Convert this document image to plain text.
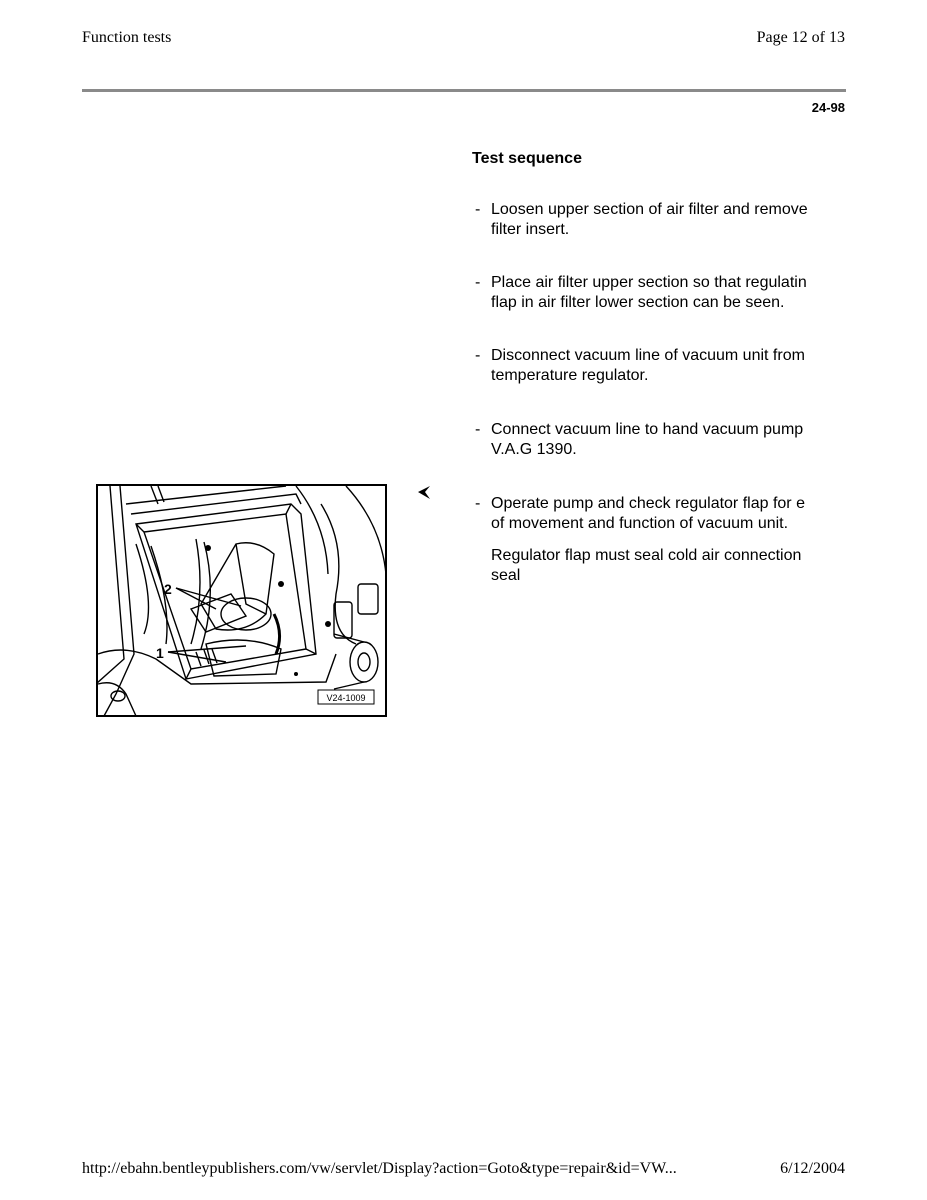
Function tests	Page 12 of 13
24-98
2
1
V24-1009
Test sequence
- Loosen upper section of air filter and remove
filter insert.
- Place air filter upper section so that regulatin
flap in air filter lower section can be seen.
- Disconnect vacuum line of vacuum unit from
temperature regulator.
- Connect vacuum line to hand vacuum pump
V.A.G 1390.
- Operate pump and check regulator flap for e
of movement and function of vacuum unit.
Regulator flap must seal cold air connection
seal
http://ebahn.bentleypublishers.com/vw/servlet/Display?action=Goto&type=repair&id=VW...	6/12/2004
